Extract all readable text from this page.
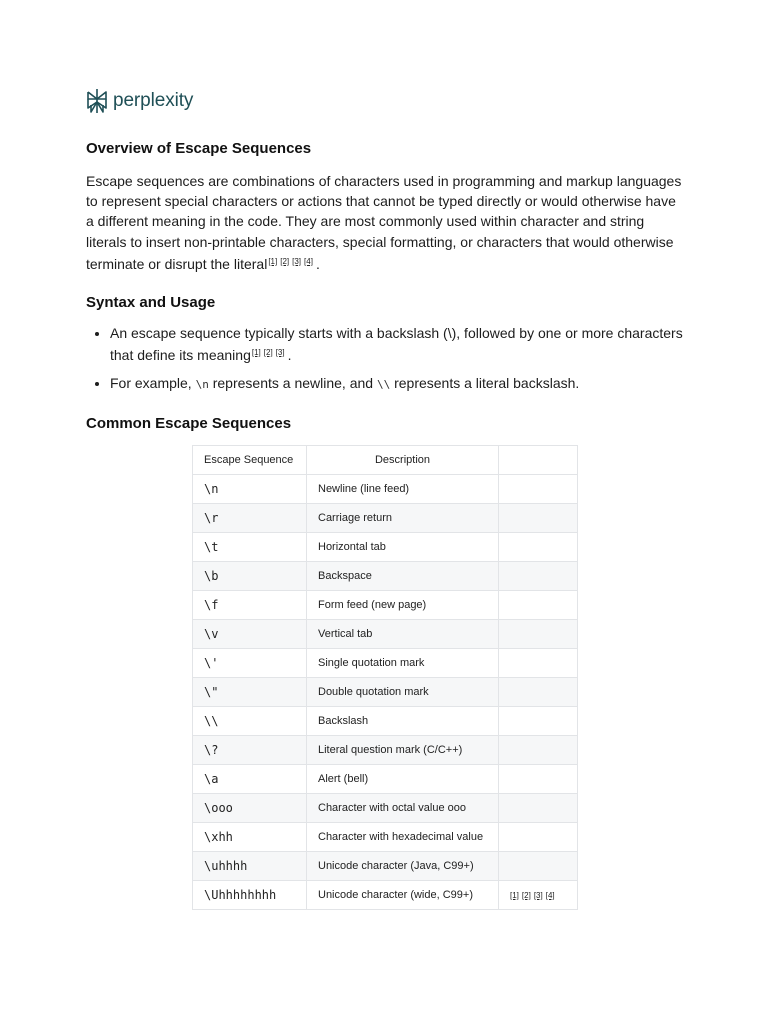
perplexity
Overview of Escape Sequences

Escape sequences are combinations of characters used in programming and markup languages to represent special characters or actions that cannot be typed directly or would otherwise have a different meaning in the code. They are most commonly used within character and string literals to insert non-printable characters, special formatting, or characters that would otherwise terminate or disrupt the literal[1] [2] [3] [4] .

Syntax and Usage
• An escape sequence typically starts with a backslash (\), followed by one or more characters that define its meaning[1] [2] [3] .
• For example, \n represents a newline, and \\ represents a literal backslash.
Common Escape Sequences
Escape Sequence	Description	
\n	Newline (line feed)	
\r	Carriage return	
\t	Horizontal tab	
\b	Backspace	
\f	Form feed (new page)	
\v	Vertical tab	
\'	Single quotation mark	
\"	Double quotation mark	
\\	Backslash	
\?	Literal question mark (C/C++)	
\a	Alert (bell)	
\ooo	Character with octal value ooo	
\xhh	Character with hexadecimal value	
\uhhhh	Unicode character (Java, C99+)	
\Uhhhhhhhh	Unicode character (wide, C99+)	[1] [2] [3] [4]
